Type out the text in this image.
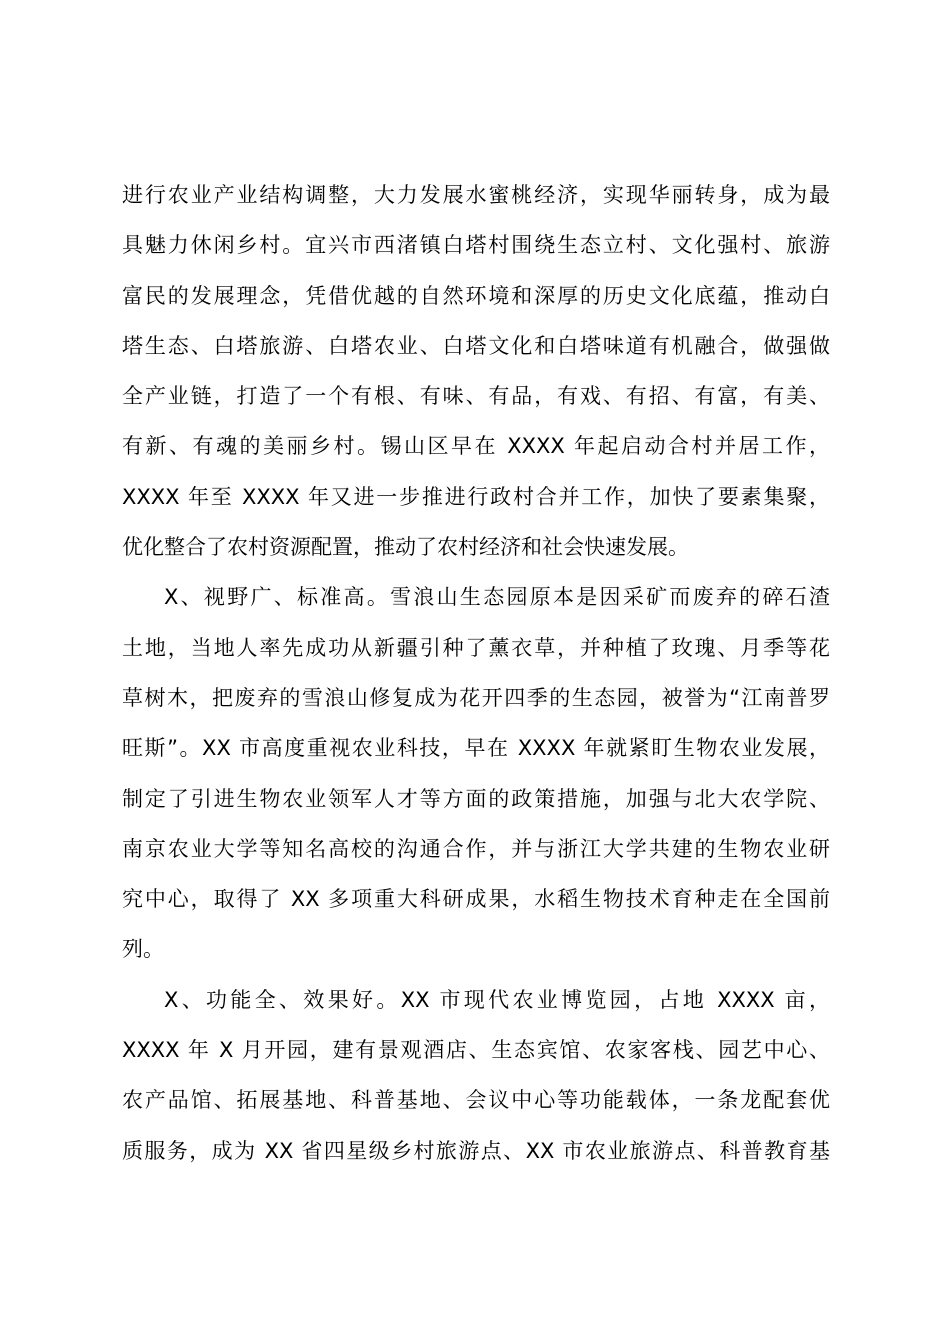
进行农业产业结构调整，大力发展水蜜桃经济，实现华丽转身，成为最
具魅力休闲乡村。宜兴市西渚镇白塔村围绕生态立村、文化强村、旅游
富民的发展理念，凭借优越的自然环境和深厚的历史文化底蕴，推动白
塔生态、白塔旅游、白塔农业、白塔文化和白塔味道有机融合，做强做
全产业链，打造了一个有根、有味、有品，有戏、有招、有富，有美、
有新、有魂的美丽乡村。锡山区早在 XXXX 年起启动合村并居工作，
XXXX 年至 XXXX 年又进一步推进行政村合并工作，加快了要素集聚，
优化整合了农村资源配置，推动了农村经济和社会快速发展。
X、视野广、标准高。雪浪山生态园原本是因采矿而废弃的碎石渣
土地，当地人率先成功从新疆引种了薰衣草，并种植了玫瑰、月季等花
草树木，把废弃的雪浪山修复成为花开四季的生态园，被誉为“江南普罗
旺斯”。XX 市高度重视农业科技，早在 XXXX 年就紧盯生物农业发展，
制定了引进生物农业领军人才等方面的政策措施，加强与北大农学院、
南京农业大学等知名高校的沟通合作，并与浙江大学共建的生物农业研
究中心，取得了 XX 多项重大科研成果，水稻生物技术育种走在全国前
列。
X、功能全、效果好。XX 市现代农业博览园，占地 XXXX 亩，
XXXX 年 X 月开园，建有景观酒店、生态宾馆、农家客栈、园艺中心、
农产品馆、拓展基地、科普基地、会议中心等功能载体，一条龙配套优
质服务，成为 XX 省四星级乡村旅游点、XX 市农业旅游点、科普教育基
